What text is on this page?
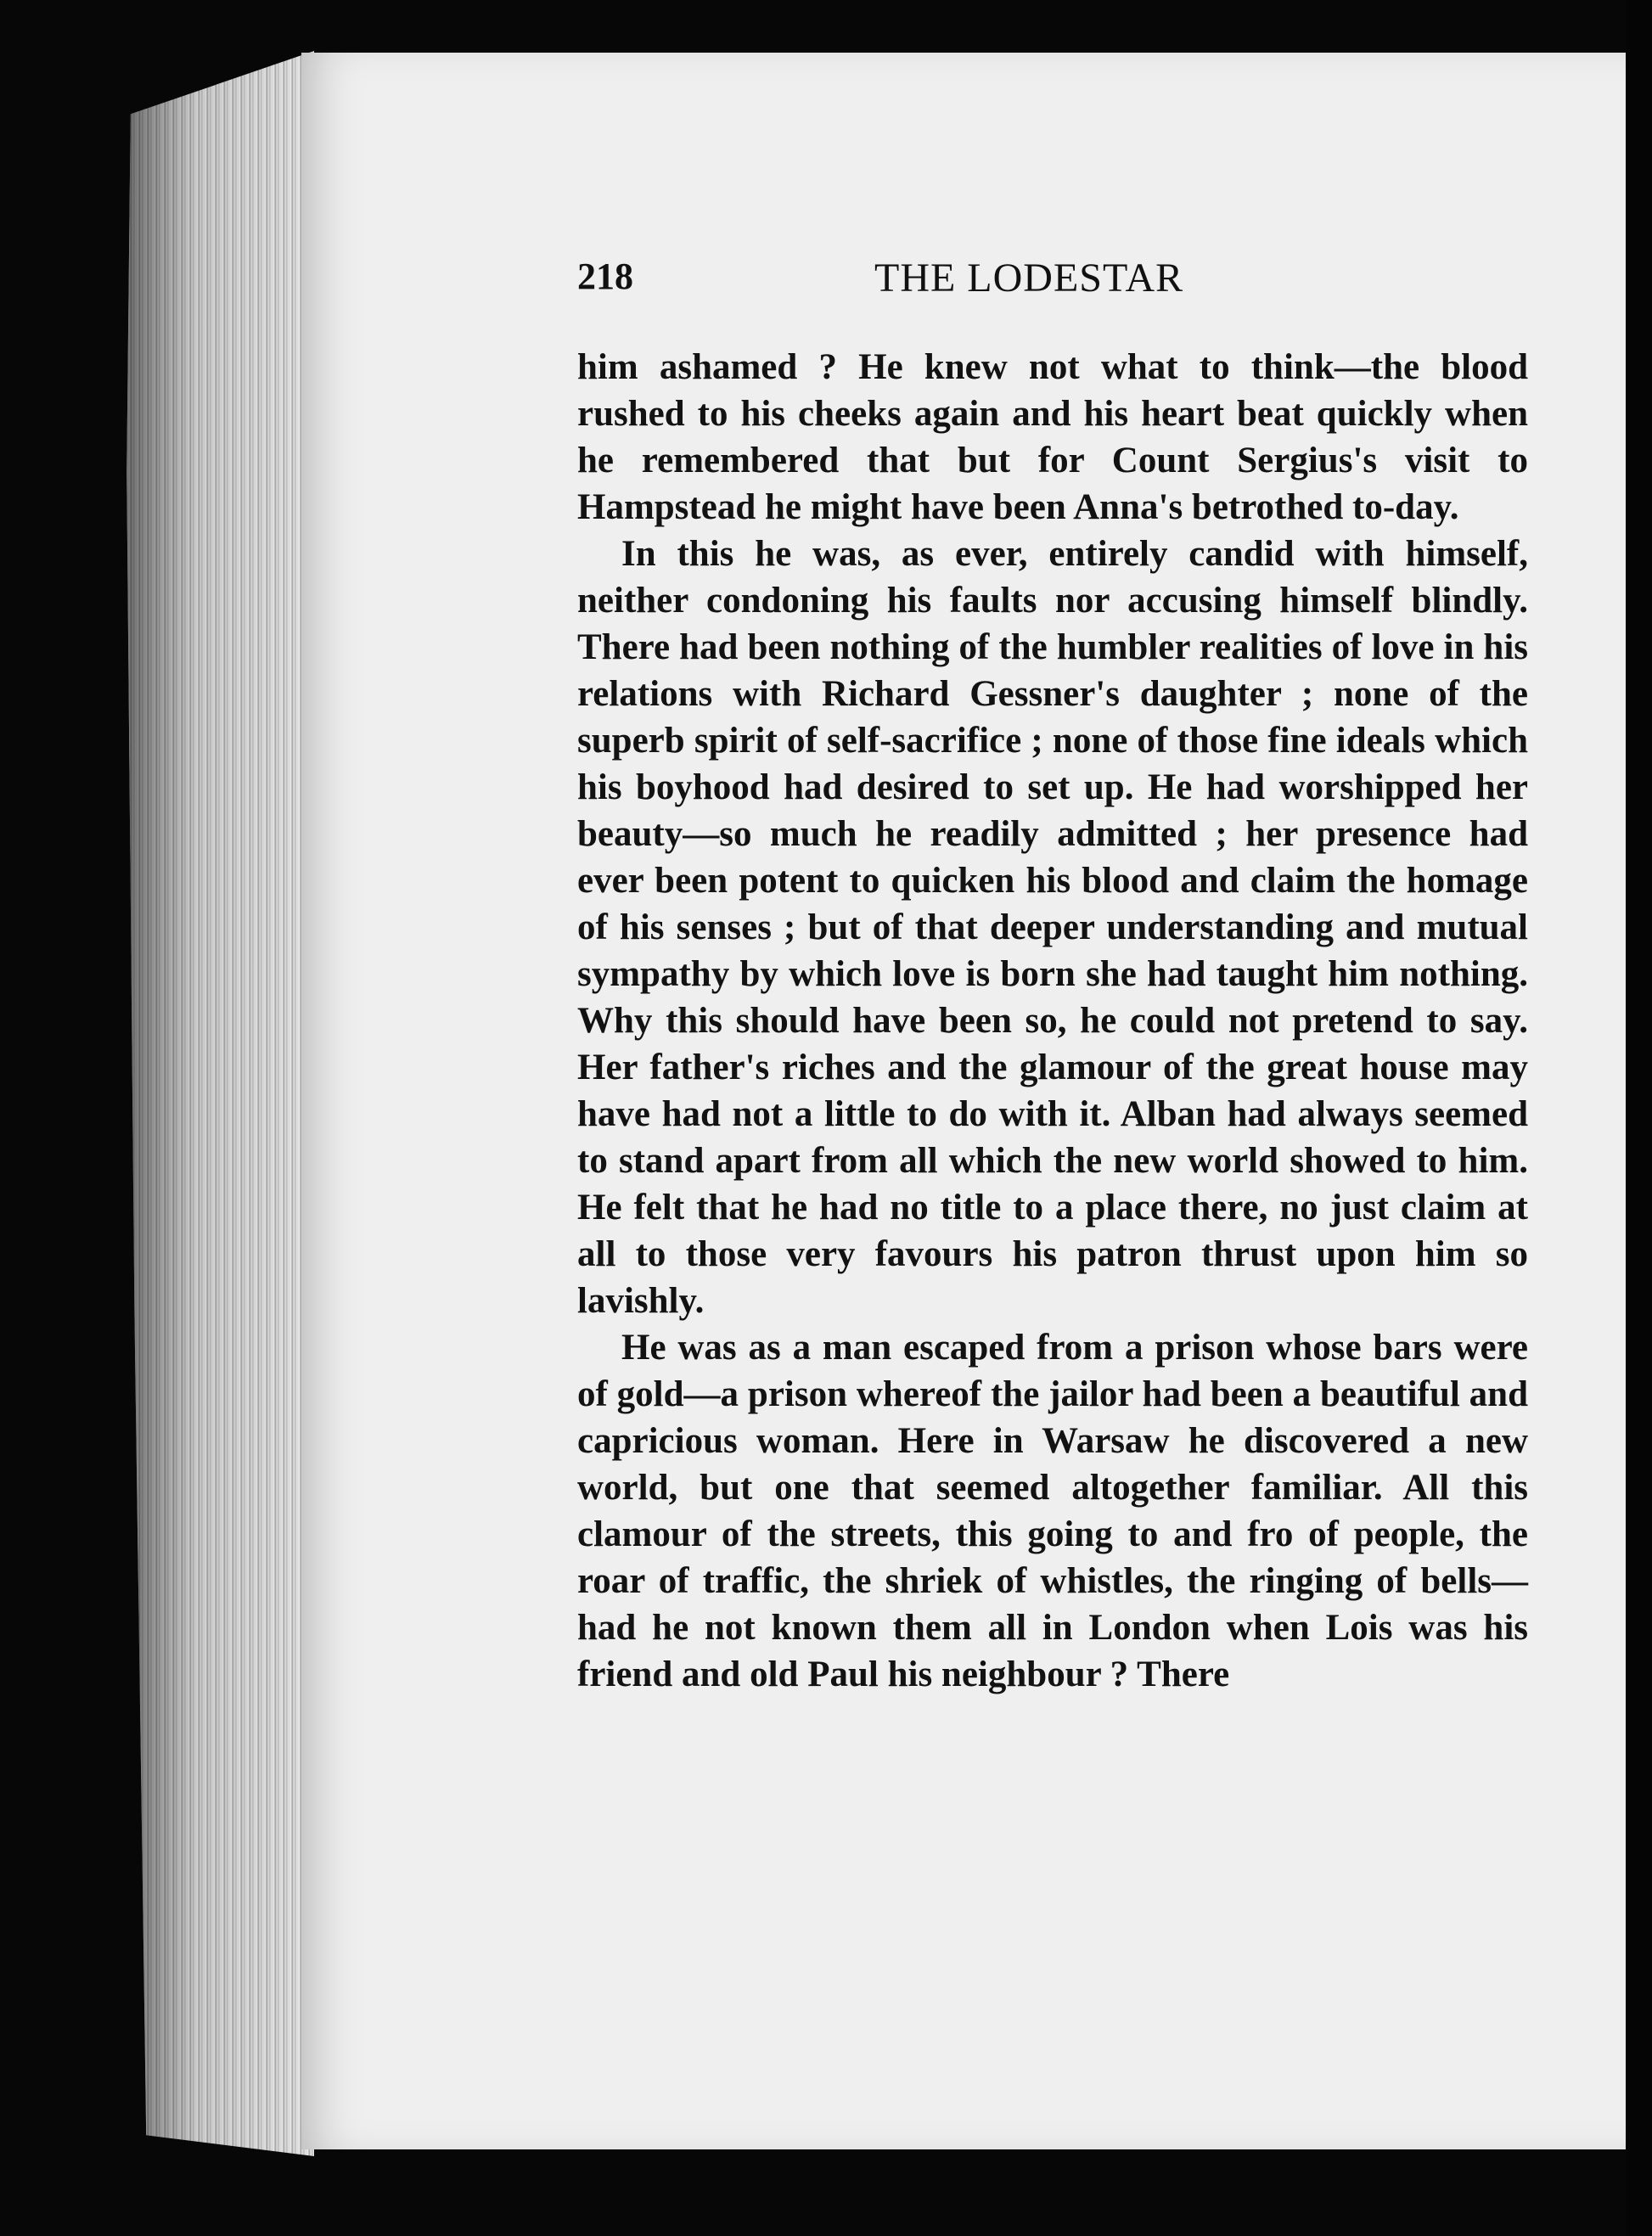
218	THE LODESTAR

him ashamed ? He knew not what to think—the blood rushed to his cheeks again and his heart beat quickly when he remembered that but for Count Sergius's visit to Hampstead he might have been Anna's betrothed to-day.

In this he was, as ever, entirely candid with himself, neither condoning his faults nor accusing himself blindly. There had been nothing of the humbler realities of love in his relations with Richard Gessner's daughter ; none of the superb spirit of self-sacrifice ; none of those fine ideals which his boyhood had desired to set up. He had worshipped her beauty—so much he readily admitted ; her presence had ever been potent to quicken his blood and claim the homage of his senses ; but of that deeper understanding and mutual sympathy by which love is born she had taught him nothing. Why this should have been so, he could not pretend to say. Her father's riches and the glamour of the great house may have had not a little to do with it. Alban had always seemed to stand apart from all which the new world showed to him. He felt that he had no title to a place there, no just claim at all to those very favours his patron thrust upon him so lavishly.

He was as a man escaped from a prison whose bars were of gold—a prison whereof the jailor had been a beautiful and capricious woman. Here in Warsaw he discovered a new world, but one that seemed altogether familiar. All this clamour of the streets, this going to and fro of people, the roar of traffic, the shriek of whistles, the ringing of bells—had he not known them all in London when Lois was his friend and old Paul his neighbour ? There
